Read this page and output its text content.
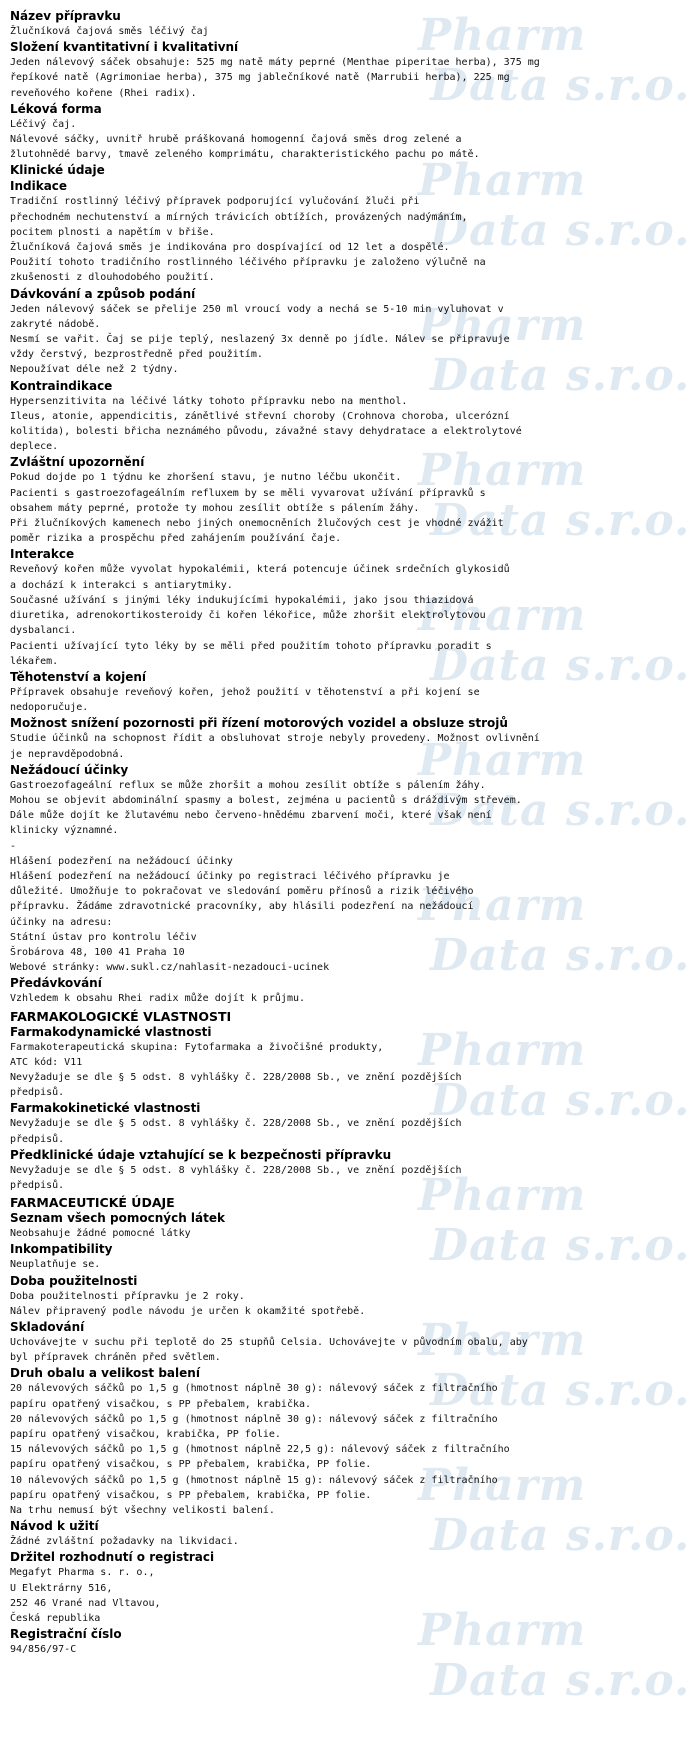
Pharm
Data s.r.o.
Pharm
Data s.r.o.
Pharm
Data s.r.o.
Pharm
Data s.r.o.
Pharm
Data s.r.o.
Pharm
Data s.r.o.
Pharm
Data s.r.o.
Pharm
Data s.r.o.
Pharm
Data s.r.o.
Pharm
Data s.r.o.
Pharm
Data s.r.o.
Pharm
Data s.r.o.
Název přípravku
Žlučníková čajová směs léčivý čaj
Složení kvantitativní i kvalitativní
Jeden nálevový sáček obsahuje: 525 mg natě máty peprné (Menthae piperitae herba), 375 mg
řepíkové natě (Agrimoniae herba), 375 mg jablečníkové natě (Marrubii herba), 225 mg
reveňového kořene (Rhei radix).
Léková forma
Léčivý čaj.
Nálevové sáčky, uvnitř hrubě práškovaná homogenní čajová směs drog zelené a
žlutohnědé barvy, tmavě zeleného komprimátu, charakteristického pachu po mátě.
Klinické údaje
Indikace
Tradiční rostlinný léčivý přípravek podporující vylučování žluči při
přechodném nechutenství a mírných trávicích obtížích, provázených nadýmáním,
pocitem plnosti a napětím v břiše.
Žlučníková čajová směs je indikována pro dospívající od 12 let a dospělé.
Použití tohoto tradičního rostlinného léčivého přípravku je založeno výlučně na
zkušenosti z dlouhodobého použití.
Dávkování a způsob podání
Jeden nálevový sáček se přelije 250 ml vroucí vody a nechá se 5-10 min vyluhovat v
zakryté nádobě.
Nesmí se vařit. Čaj se pije teplý, neslazený 3x denně po jídle. Nálev se připravuje
vždy čerstvý, bezprostředně před použitím.
Nepoužívat déle než 2 týdny.
Kontraindikace
Hypersenzitivita na léčivé látky tohoto přípravku nebo na menthol.
Ileus, atonie, appendicitis, zánětlivé střevní choroby (Crohnova choroba, ulcerózní
kolitida), bolesti břicha neznámého původu, závažné stavy dehydratace a elektrolytové
deplece.
Zvláštní upozornění
Pokud dojde po 1 týdnu ke zhoršení stavu, je nutno léčbu ukončit.
Pacienti s gastroezofageálním refluxem by se měli vyvarovat užívání přípravků s
obsahem máty peprné, protože ty mohou zesílit obtíže s pálením žáhy.
Při žlučníkových kamenech nebo jiných onemocněních žlučových cest je vhodné zvážit
poměr rizika a prospěchu před zahájením používání čaje.
Interakce
Reveňový kořen může vyvolat hypokalémii, která potencuje účinek srdečních glykosidů
a dochází k interakci s antiarytmiky.
Současné užívání s jinými léky indukujícími hypokalémii, jako jsou thiazidová
diuretika, adrenokortikosteroidy či kořen lékořice, může zhoršit elektrolytovou
dysbalanci.
Pacienti užívající tyto léky by se měli před použitím tohoto přípravku poradit s
lékařem.
Těhotenství a kojení
Přípravek obsahuje reveňový kořen, jehož použití v těhotenství a při kojení se
nedoporučuje.
Možnost snížení pozornosti při řízení motorových vozidel a obsluze strojů
Studie účinků na schopnost řídit a obsluhovat stroje nebyly provedeny. Možnost ovlivnění
je nepravděpodobná.
Nežádoucí účinky
Gastroezofageální reflux se může zhoršit a mohou zesílit obtíže s pálením žáhy.
Mohou se objevit abdominální spasmy a bolest, zejména u pacientů s dráždivým střevem.
Dále může dojít ke žlutavému nebo červeno-hnědému zbarvení moči, které však není
klinicky významné.
-
Hlášení podezření na nežádoucí účinky
Hlášení podezření na nežádoucí účinky po registraci léčivého přípravku je
důležité. Umožňuje to pokračovat ve sledování poměru přínosů a rizik léčivého
přípravku. Žádáme zdravotnické pracovníky, aby hlásili podezření na nežádoucí
účinky na adresu:
Státní ústav pro kontrolu léčiv
Šrobárova 48, 100 41 Praha 10
Webové stránky: www.sukl.cz/nahlasit-nezadouci-ucinek
Předávkování
Vzhledem k obsahu Rhei radix může dojít k průjmu.
FARMAKOLOGICKÉ VLASTNOSTI
Farmakodynamické vlastnosti
Farmakoterapeutická skupina: Fytofarmaka a živočišné produkty,
ATC kód: V11
Nevyžaduje se dle § 5 odst. 8 vyhlášky č. 228/2008 Sb., ve znění pozdějších
předpisů.
Farmakokinetické vlastnosti
Nevyžaduje se dle § 5 odst. 8 vyhlášky č. 228/2008 Sb., ve znění pozdějších
předpisů.
Předklinické údaje vztahující se k bezpečnosti přípravku
Nevyžaduje se dle § 5 odst. 8 vyhlášky č. 228/2008 Sb., ve znění pozdějších
předpisů.
FARMACEUTICKÉ ÚDAJE
Seznam všech pomocných látek
Neobsahuje žádné pomocné látky
Inkompatibility
Neuplatňuje se.
Doba použitelnosti
Doba použitelnosti přípravku je 2 roky.
Nálev připravený podle návodu je určen k okamžité spotřebě.
Skladování
Uchovávejte v suchu při teplotě do 25 stupňů Celsia. Uchovávejte v původním obalu, aby
byl přípravek chráněn před světlem.
Druh obalu a velikost balení
20 nálevových sáčků po 1,5 g (hmotnost náplně 30 g): nálevový sáček z filtračního
papíru opatřený visačkou, s PP přebalem, krabička.
20 nálevových sáčků po 1,5 g (hmotnost náplně 30 g): nálevový sáček z filtračního
papíru opatřený visačkou, krabička, PP folie.
15 nálevových sáčků po 1,5 g (hmotnost náplně 22,5 g): nálevový sáček z filtračního
papíru opatřený visačkou, s PP přebalem, krabička, PP folie.
10 nálevových sáčků po 1,5 g (hmotnost náplně 15 g): nálevový sáček z filtračního
papíru opatřený visačkou, s PP přebalem, krabička, PP folie.
Na trhu nemusí být všechny velikosti balení.
Návod k užití
Žádné zvláštní požadavky na likvidaci.
Držitel rozhodnutí o registraci
Megafyt Pharma s. r. o.,
U Elektrárny 516,
252 46 Vrané nad Vltavou,
Česká republika
Registrační číslo
94/856/97-C
